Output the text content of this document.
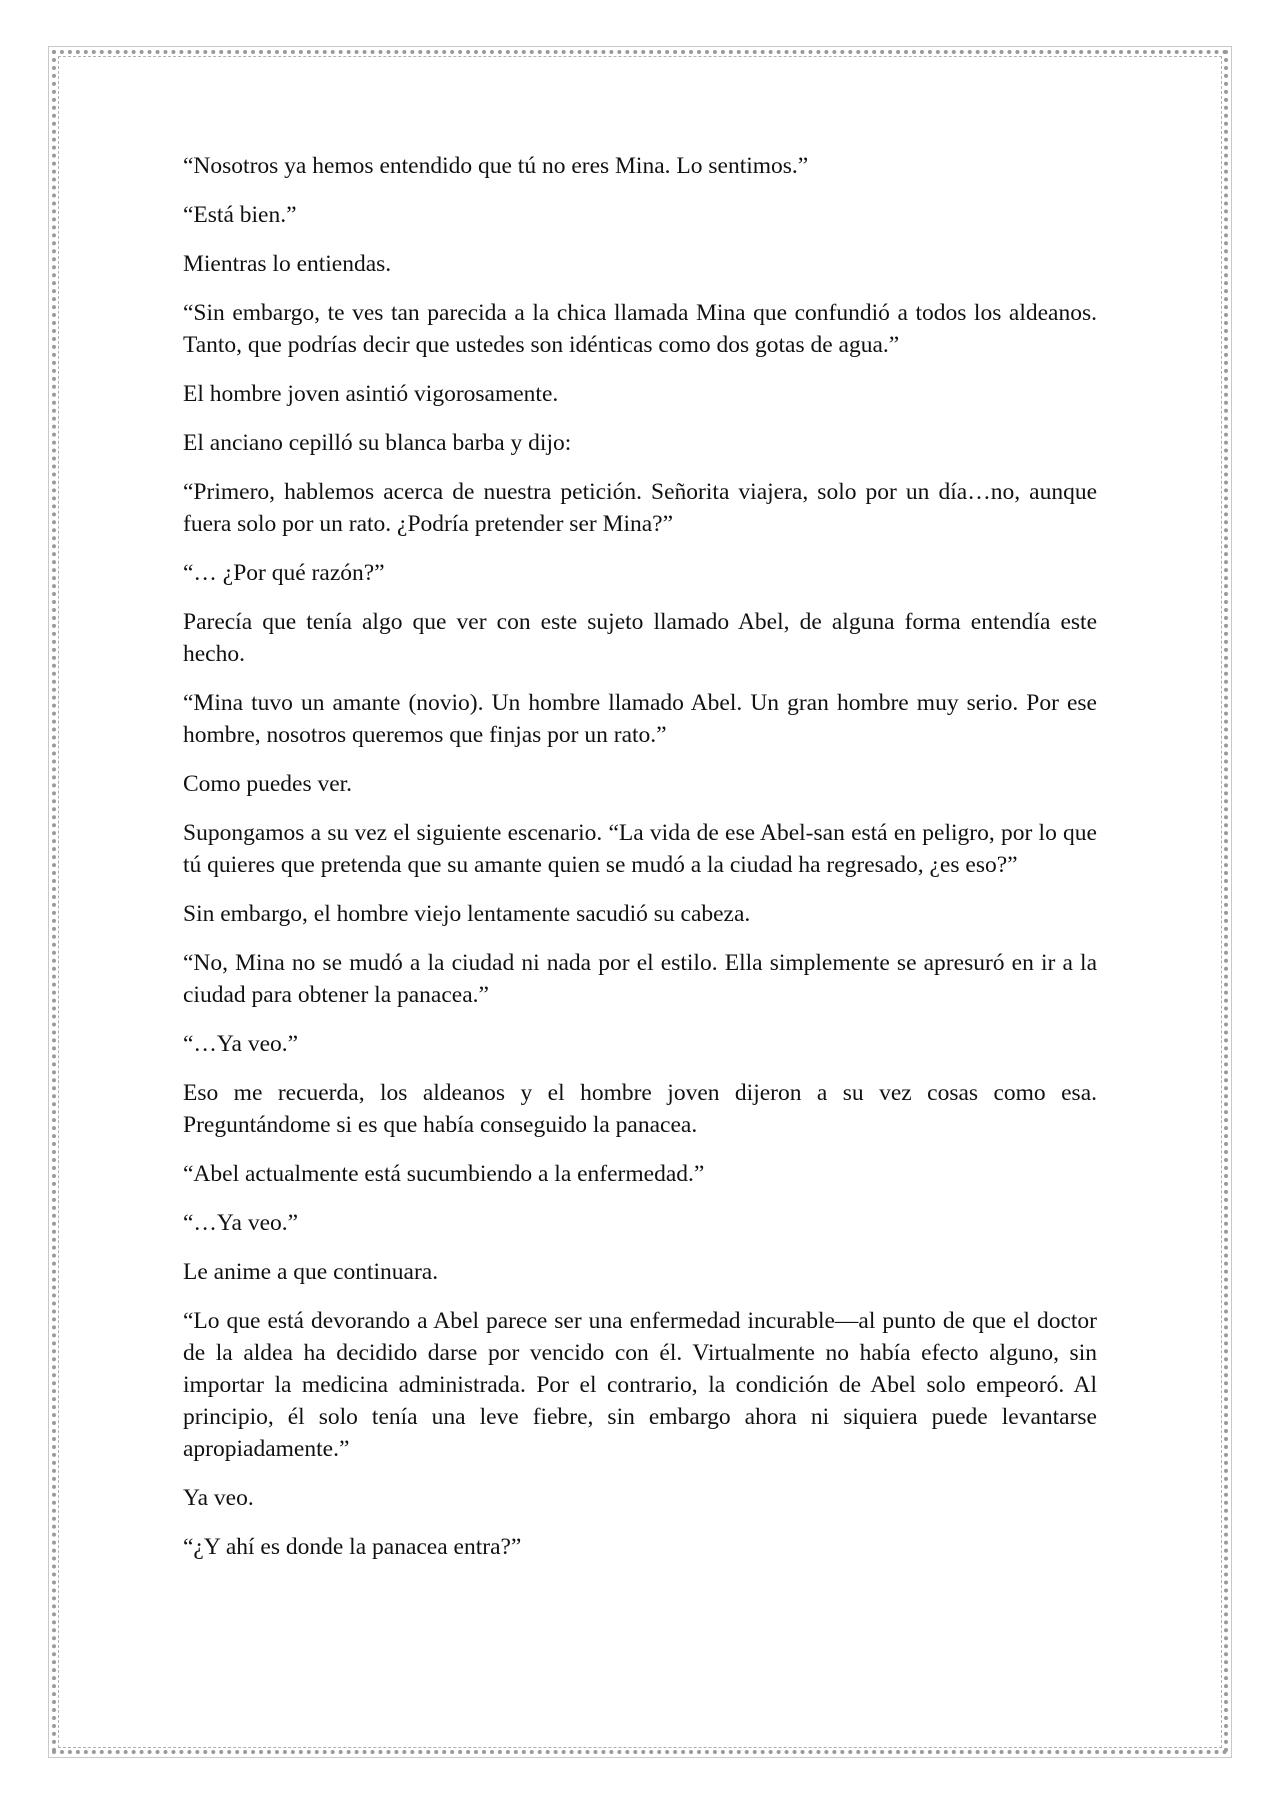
“Nosotros ya hemos entendido que tú no eres Mina. Lo sentimos.”

“Está bien.”

Mientras lo entiendas.

“Sin embargo, te ves tan parecida a la chica llamada Mina que confundió a todos los aldeanos. Tanto, que podrías decir que ustedes son idénticas como dos gotas de agua.”

El hombre joven asintió vigorosamente.

El anciano cepilló su blanca barba y dijo:

“Primero, hablemos acerca de nuestra petición. Señorita viajera, solo por un día…no, aunque fuera solo por un rato. ¿Podría pretender ser Mina?”

“… ¿Por qué razón?”

Parecía que tenía algo que ver con este sujeto llamado Abel, de alguna forma entendía este hecho.

“Mina tuvo un amante (novio). Un hombre llamado Abel. Un gran hombre muy serio. Por ese hombre, nosotros queremos que finjas por un rato.”

Como puedes ver.

Supongamos a su vez el siguiente escenario. “La vida de ese Abel-san está en peligro, por lo que tú quieres que pretenda que su amante quien se mudó a la ciudad ha regresado, ¿es eso?”

Sin embargo, el hombre viejo lentamente sacudió su cabeza.

“No, Mina no se mudó a la ciudad ni nada por el estilo. Ella simplemente se apresuró en ir a la ciudad para obtener la panacea.”

“…Ya veo.”

Eso me recuerda, los aldeanos y el hombre joven dijeron a su vez cosas como esa. Preguntándome si es que había conseguido la panacea.

“Abel actualmente está sucumbiendo a la enfermedad.”

“…Ya veo.”

Le anime a que continuara.

“Lo que está devorando a Abel parece ser una enfermedad incurable—al punto de que el doctor de la aldea ha decidido darse por vencido con él. Virtualmente no había efecto alguno, sin importar la medicina administrada. Por el contrario, la condición de Abel solo empeoró. Al principio, él solo tenía una leve fiebre, sin embargo ahora ni siquiera puede levantarse apropiadamente.”

Ya veo.

“¿Y ahí es donde la panacea entra?”
